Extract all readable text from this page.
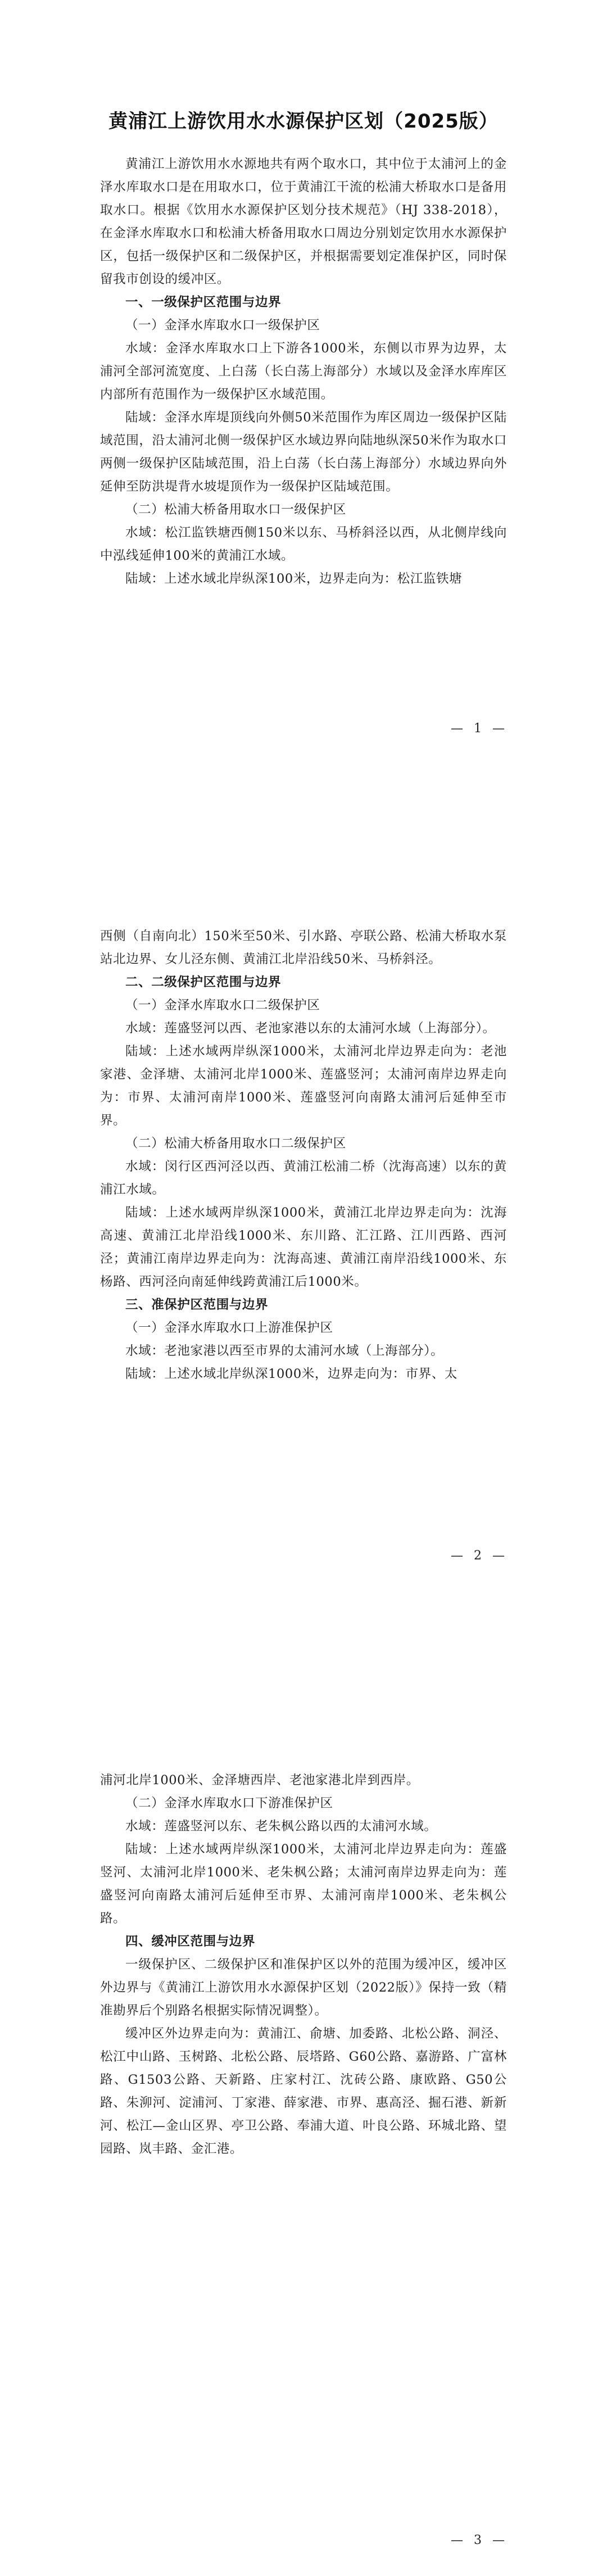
黄浦江上游饮用水水源保护区划（2025版）

黄浦江上游饮用水水源地共有两个取水口，其中位于太浦河上的金泽水库取水口是在用取水口，位于黄浦江干流的松浦大桥取水口是备用取水口。根据《饮用水水源保护区划分技术规范》（HJ 338-2018），在金泽水库取水口和松浦大桥备用取水口周边分别划定饮用水水源保护区，包括一级保护区和二级保护区，并根据需要划定准保护区，同时保留我市创设的缓冲区。

一、一级保护区范围与边界

（一）金泽水库取水口一级保护区

水域：金泽水库取水口上下游各1000米，东侧以市界为边界，太浦河全部河流宽度、上白荡（长白荡上海部分）水域以及金泽水库库区内部所有范围作为一级保护区水域范围。

陆域：金泽水库堤顶线向外侧50米范围作为库区周边一级保护区陆域范围，沿太浦河北侧一级保护区水域边界向陆地纵深50米作为取水口两侧一级保护区陆域范围，沿上白荡（长白荡上海部分）水域边界向外延伸至防洪堤背水坡堤顶作为一级保护区陆域范围。

（二）松浦大桥备用取水口一级保护区

水域：松江监铁塘西侧150米以东、马桥斜泾以西，从北侧岸线向中泓线延伸100米的黄浦江水域。

陆域：上述水域北岸纵深100米，边界走向为：松江监铁塘

— 1 —

西侧（自南向北）150米至50米、引水路、亭联公路、松浦大桥取水泵站北边界、女儿泾东侧、黄浦江北岸沿线50米、马桥斜泾。

二、二级保护区范围与边界

（一）金泽水库取水口二级保护区

水域：莲盛竖河以西、老池家港以东的太浦河水域（上海部分）。

陆域：上述水域两岸纵深1000米，太浦河北岸边界走向为：老池家港、金泽塘、太浦河北岸1000米、莲盛竖河；太浦河南岸边界走向为：市界、太浦河南岸1000米、莲盛竖河向南路太浦河后延伸至市界。

（二）松浦大桥备用取水口二级保护区

水域：闵行区西河泾以西、黄浦江松浦二桥（沈海高速）以东的黄浦江水域。

陆域：上述水域两岸纵深1000米，黄浦江北岸边界走向为：沈海高速、黄浦江北岸沿线1000米、东川路、汇江路、江川西路、西河泾；黄浦江南岸边界走向为：沈海高速、黄浦江南岸沿线1000米、东杨路、西河泾向南延伸线跨黄浦江后1000米。

三、准保护区范围与边界

（一）金泽水库取水口上游准保护区

水域：老池家港以西至市界的太浦河水域（上海部分）。

陆域：上述水域北岸纵深1000米，边界走向为：市界、太

— 2 —

浦河北岸1000米、金泽塘西岸、老池家港北岸到西岸。

（二）金泽水库取水口下游准保护区

水域：莲盛竖河以东、老朱枫公路以西的太浦河水域。

陆域：上述水域两岸纵深1000米，太浦河北岸边界走向为：莲盛竖河、太浦河北岸1000米、老朱枫公路；太浦河南岸边界走向为：莲盛竖河向南路太浦河后延伸至市界、太浦河南岸1000米、老朱枫公路。

四、缓冲区范围与边界

一级保护区、二级保护区和准保护区以外的范围为缓冲区，缓冲区外边界与《黄浦江上游饮用水水源保护区划（2022版）》保持一致（精准勘界后个别路名根据实际情况调整）。

缓冲区外边界走向为：黄浦江、俞塘、加委路、北松公路、洞泾、松江中山路、玉树路、北松公路、辰塔路、G60公路、嘉游路、广富林路、G1503公路、天新路、庄家村江、沈砖公路、康欧路、G50公路、朱泖河、淀浦河、丁家港、薛家港、市界、惠高泾、掘石港、新新河、松江—金山区界、亭卫公路、奉浦大道、叶良公路、环城北路、望园路、岚丰路、金汇港。

— 3 —
